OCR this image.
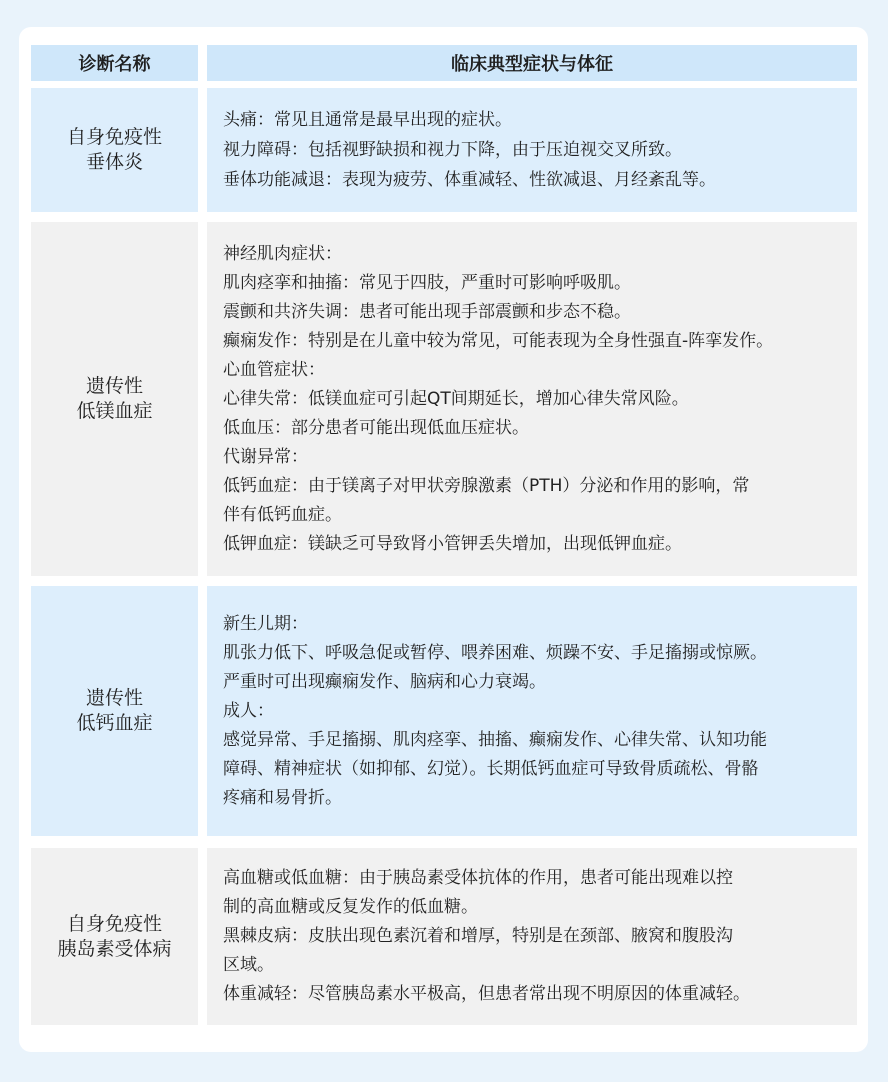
诊断名称	临床典型症状与体征
自身免疫性
垂体炎

头痛：常见且通常是最早出现的症状。

视力障碍：包括视野缺损和视力下降，由于压迫视交叉所致。

垂体功能减退：表现为疲劳、体重减轻、性欲减退、月经紊乱等。

遗传性
低镁血症

神经肌肉症状：

肌肉痉挛和抽搐：常见于四肢，严重时可影响呼吸肌。

震颤和共济失调：患者可能出现手部震颤和步态不稳。

癫痫发作：特别是在儿童中较为常见，可能表现为全身性强直-阵挛发作。

心血管症状：

心律失常：低镁血症可引起QT间期延长，增加心律失常风险。

低血压：部分患者可能出现低血压症状。

代谢异常：

低钙血症：由于镁离子对甲状旁腺激素（PTH）分泌和作用的影响，常

伴有低钙血症。

低钾血症：镁缺乏可导致肾小管钾丢失增加，出现低钾血症。

遗传性
低钙血症

新生儿期：

肌张力低下、呼吸急促或暂停、喂养困难、烦躁不安、手足搐搦或惊厥。

严重时可出现癫痫发作、脑病和心力衰竭。

成人：

感觉异常、手足搐搦、肌肉痉挛、抽搐、癫痫发作、心律失常、认知功能

障碍、精神症状（如抑郁、幻觉）。长期低钙血症可导致骨质疏松、骨骼

疼痛和易骨折。

自身免疫性
胰岛素受体病

高血糖或低血糖：由于胰岛素受体抗体的作用，患者可能出现难以控

制的高血糖或反复发作的低血糖。

黑棘皮病：皮肤出现色素沉着和增厚，特别是在颈部、腋窝和腹股沟

区域。

体重减轻：尽管胰岛素水平极高，但患者常出现不明原因的体重减轻。
